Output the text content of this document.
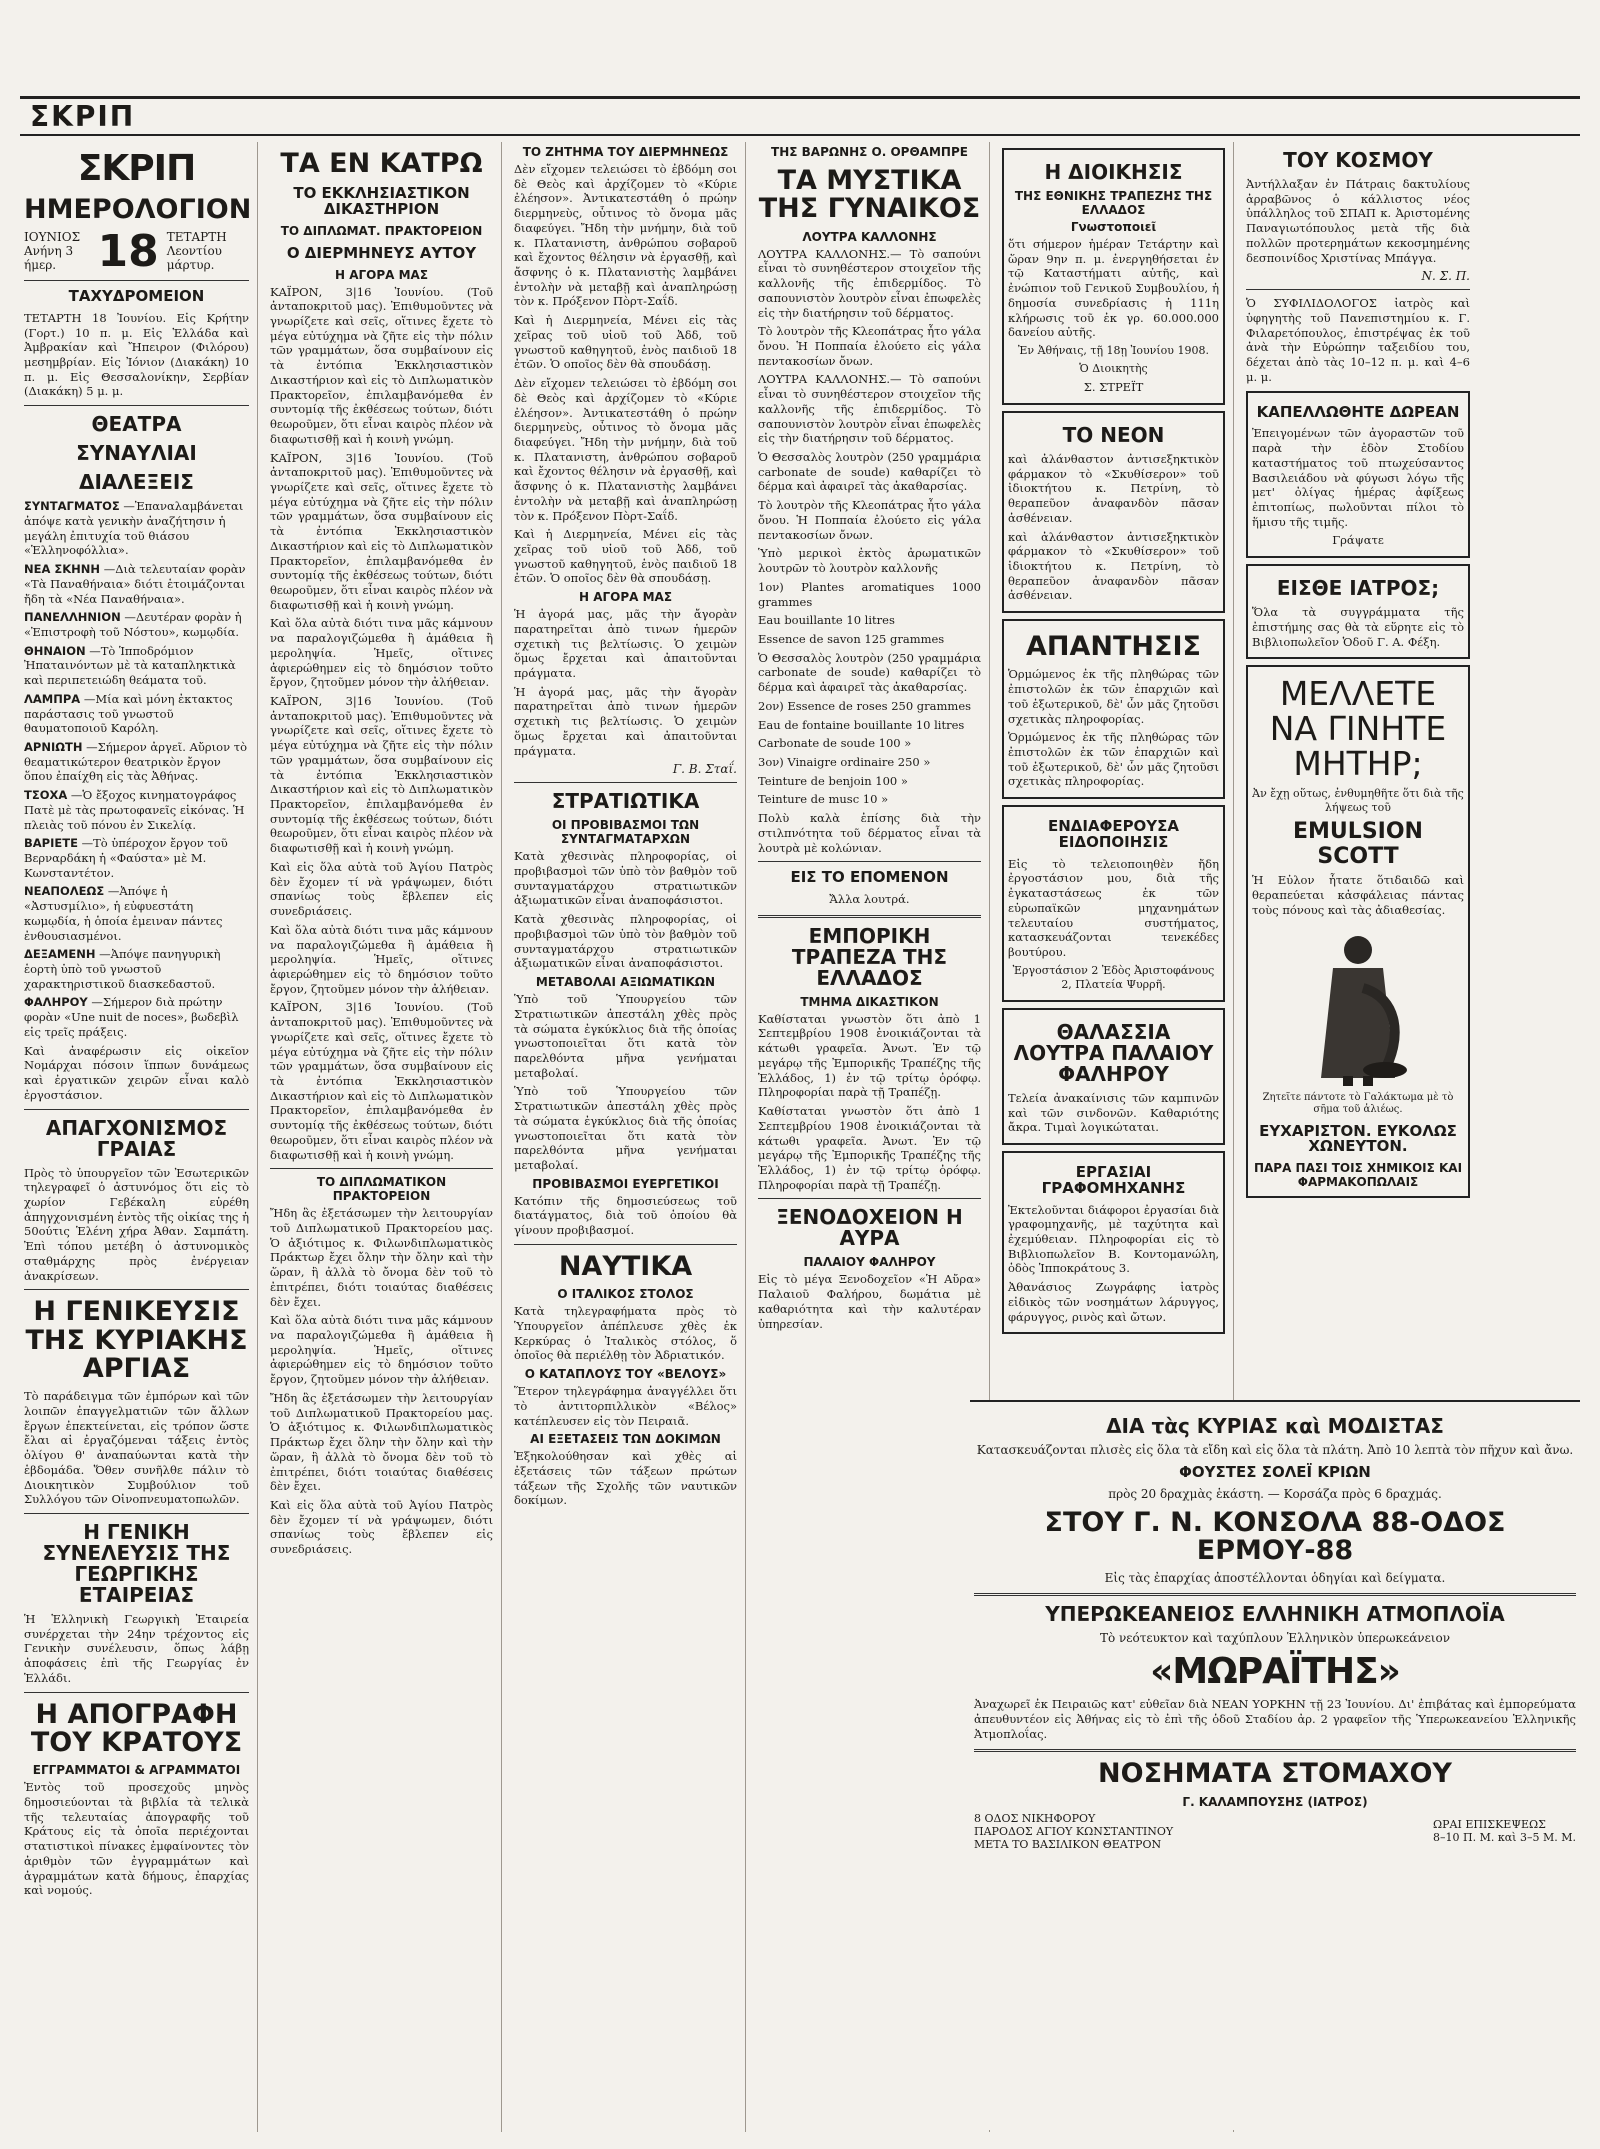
ΣΚΡΙΠ
ΣΚΡΙΠ
ΗΜΕΡΟΛΟΓΙΟΝ
ΙΟΥΝΙΟΣ
Ανήνη 3 ήμερ. 18 ΤΕΤΑΡΤΗ
Λεοντίου μάρτυρ.
ΤΑΧΥΔΡΟΜΕΙΟΝ

ΤΕΤΑΡΤΗ 18 Ἰουνίου. Εἰς Κρήτην (Γορτ.) 10 π. μ. Εἰς Ἑλλάδα καὶ Ἀμβρακίαν καὶ Ἤπειρον (Φιλόρου) μεσημβρίαν. Εἰς Ἰόνιον (Διακάκη) 10 π. μ. Εἰς Θεσσαλονίκην, Σερβίαν (Διακάκη) 5 μ. μ.

ΘΕΑΤΡΑ
ΣΥΝΑΥΛΙΑΙ
ΔΙΑΛΕΞΕΙΣ
ΣΥΝΤΑΓΜΑΤΟΣ —Ἐπαναλαμβάνεται ἀπόψε κατὰ γενικὴν ἀναζήτησιν ἡ μεγάλη ἐπιτυχία τοῦ θιάσου «Ἑλληνοφόλλια».
ΝΕΑ ΣΚΗΝΗ —Διὰ τελευταίαν φορὰν «Τὰ Παναθήναια» διότι ἑτοιμάζονται ἤδη τὰ «Νέα Παναθήναια».
ΠΑΝΕΛΛΗΝΙΟΝ —Δευτέραν φορὰν ἡ «Ἐπιστροφὴ τοῦ Νόστου», κωμῳδία.
ΘΗΝΑΙΟΝ —Τὸ Ἱπποδρόμιον Ἠπαταινόντων μὲ τὰ καταπληκτικὰ καὶ περιπετειώδη θεάματα τοῦ.
ΛΑΜΠΡΑ —Μία καὶ μόνη ἐκτακτος παράστασις τοῦ γνωστοῦ θαυματοποιοῦ Καρόλη.
ΑΡΝΙΩΤΗ —Σήμερον ἀργεῖ. Αὔριον τὸ θεαματικώτερον θεατρικὸν ἔργον ὅπου ἐπαίχθη εἰς τὰς Ἀθήνας.
ΤΣΟΧΑ —Ὁ ἔξοχος κινηματογράφος Πατὲ μὲ τὰς πρωτοφανεῖς εἰκόνας. Ἡ πλειὰς τοῦ πόνου ἐν Σικελίᾳ.
ΒΑΡΙΕΤΕ —Τὸ ὑπέροχον ἔργον τοῦ Βερναρδάκη ἡ «Φαύστα» μὲ Μ. Κωνσταντέτον.
ΝΕΑΠΟΛΕΩΣ —Ἀπόψε ἡ «Ἀστυσμίλιο», ἡ εὐφυεστάτη κωμῳδία, ἡ ὁποία ἐμειναν πάντες ἐνθουσιασμένοι.
ΔΕΞΑΜΕΝΗ —Ἀπόψε πανηγυρικὴ ἑορτὴ ὑπὸ τοῦ γνωστοῦ χαρακτηριστικοῦ διασκεδαστοῦ.
ΦΑΛΗΡΟΥ —Σήμερον διὰ πρώτην φορὰν «Une nuit de noces», βωδεβὶλ εἰς τρεῖς πράξεις.

Καὶ ἀναφέρωσιν εἰς οἰκεῖον Νομάρχαι πόσοιν ἵππων δυνάμεως καὶ ἐργατικῶν χειρῶν εἶναι καλὸ ἐργοστάσιον.

ΑΠΑΓΧΟΝΙΣΜΟΣ ΓΡΑΙΑΣ

Πρὸς τὸ ὑπουργεῖον τῶν Ἐσωτερικῶν τηλεγραφεῖ ὁ ἀστυνόμος ὅτι εἰς τὸ χωρίον Γεβέκαλη εὑρέθη ἀπηγχονισμένη ἐντὸς τῆς οἰκίας της ἡ 50ούτις Ἑλένη χήρα Ἀθαν. Σαμπάτη. Ἐπὶ τόπου μετέβη ὁ ἀστυνομικὸς σταθμάρχης πρὸς ἐνέργειαν ἀνακρίσεων.

Η ΓΕΝΙΚΕΥΣΙΣ ΤΗΣ ΚΥΡΙΑΚΗΣ ΑΡΓΙΑΣ

Τὸ παράδειγμα τῶν ἐμπόρων καὶ τῶν λοιπῶν ἐπαγγελματιῶν τῶν ἄλλων ἔργων ἐπεκτείνεται, εἰς τρόπον ὥστε ἔλαι αἱ ἐργαζόμεναι τάξεις ἐντὸς ὀλίγου θ' ἀναπαύωνται κατὰ τὴν ἑβδομάδα. Ὅθεν συνῆλθε πάλιν τὸ Διοικητικὸν Συμβούλιον τοῦ Συλλόγου τῶν Οἰνοπνευματοπωλῶν.

Η ΓΕΝΙΚΗ ΣΥΝΕΛΕΥΣΙΣ ΤΗΣ ΓΕΩΡΓΙΚΗΣ ΕΤΑΙΡΕΙΑΣ

Ἡ Ἑλληνικὴ Γεωργικὴ Ἑταιρεία συνέρχεται τὴν 24ην τρέχοντος εἰς Γενικὴν συνέλευσιν, ὅπως λάβῃ ἀποφάσεις ἐπὶ τῆς Γεωργίας ἐν Ἑλλάδι.

Η ΑΠΟΓΡΑΦΗ ΤΟΥ ΚΡΑΤΟΥΣ
ΕΓΓΡΑΜΜΑΤΟΙ & ΑΓΡΑΜΜΑΤΟΙ

Ἐντὸς τοῦ προσεχοῦς μηνὸς δημοσιεύονται τὰ βιβλία τὰ τελικὰ τῆς τελευταίας ἀπογραφῆς τοῦ Κράτους εἰς τὰ ὁποῖα περιέχονται στατιστικοὶ πίνακες ἐμφαίνοντες τὸν ἀριθμὸν τῶν ἐγγραμμάτων καὶ ἀγραμμάτων κατὰ δήμους, ἐπαρχίας καὶ νομούς.

ΤΑ ΕΝ ΚΑΤΡΩ
ΤΟ ΕΚΚΛΗΣΙΑΣΤΙΚΟΝ ΔΙΚΑΣΤΗΡΙΟΝ
ΤΟ ΔΙΠΛΩΜΑΤ. ΠΡΑΚΤΟΡΕΙΟΝ
Ο ΔΙΕΡΜΗΝΕΥΣ ΑΥΤΟΥ
Η ΑΓΟΡΑ ΜΑΣ

ΚΑΪΡΟΝ, 3|16 Ἰουνίου. (Τοῦ ἀνταποκριτοῦ μας). Ἐπιθυμοῦντες νὰ γνωρίζετε καὶ σεῖς, οἵτινες ἔχετε τὸ μέγα εὐτύχημα νὰ ζῆτε εἰς τὴν πόλιν τῶν γραμμάτων, ὅσα συμβαίνουν εἰς τὰ ἐντόπια Ἐκκλησιαστικὸν Δικαστήριον καὶ εἰς τὸ Διπλωματικὸν Πρακτορεῖον, ἐπιλαμβανόμεθα ἐν συντομίᾳ τῆς ἐκθέσεως τούτων, διότι θεωροῦμεν, ὅτι εἶναι καιρὸς πλέον νὰ διαφωτισθῇ καὶ ἡ κοινὴ γνώμη.

ΚΑΪΡΟΝ, 3|16 Ἰουνίου. (Τοῦ ἀνταποκριτοῦ μας). Ἐπιθυμοῦντες νὰ γνωρίζετε καὶ σεῖς, οἵτινες ἔχετε τὸ μέγα εὐτύχημα νὰ ζῆτε εἰς τὴν πόλιν τῶν γραμμάτων, ὅσα συμβαίνουν εἰς τὰ ἐντόπια Ἐκκλησιαστικὸν Δικαστήριον καὶ εἰς τὸ Διπλωματικὸν Πρακτορεῖον, ἐπιλαμβανόμεθα ἐν συντομίᾳ τῆς ἐκθέσεως τούτων, διότι θεωροῦμεν, ὅτι εἶναι καιρὸς πλέον νὰ διαφωτισθῇ καὶ ἡ κοινὴ γνώμη.

Καὶ ὅλα αὐτὰ διότι τινα μᾶς κάμνουν να παραλογιζώμεθα ἢ ἀμάθεια ἢ μεροληψία. Ἡμεῖς, οἵτινες ἀφιερώθημεν εἰς τὸ δημόσιον τοῦτο ἔργον, ζητοῦμεν μόνον τὴν ἀλήθειαν.

ΚΑΪΡΟΝ, 3|16 Ἰουνίου. (Τοῦ ἀνταποκριτοῦ μας). Ἐπιθυμοῦντες νὰ γνωρίζετε καὶ σεῖς, οἵτινες ἔχετε τὸ μέγα εὐτύχημα νὰ ζῆτε εἰς τὴν πόλιν τῶν γραμμάτων, ὅσα συμβαίνουν εἰς τὰ ἐντόπια Ἐκκλησιαστικὸν Δικαστήριον καὶ εἰς τὸ Διπλωματικὸν Πρακτορεῖον, ἐπιλαμβανόμεθα ἐν συντομίᾳ τῆς ἐκθέσεως τούτων, διότι θεωροῦμεν, ὅτι εἶναι καιρὸς πλέον νὰ διαφωτισθῇ καὶ ἡ κοινὴ γνώμη.

Καὶ εἰς ὅλα αὐτὰ τοῦ Ἀγίου Πατρὸς δὲν ἔχομεν τί νὰ γράψωμεν, διότι σπανίως τοὺς ἔβλεπεν εἰς συνεδριάσεις.

Καὶ ὅλα αὐτὰ διότι τινα μᾶς κάμνουν να παραλογιζώμεθα ἢ ἀμάθεια ἢ μεροληψία. Ἡμεῖς, οἵτινες ἀφιερώθημεν εἰς τὸ δημόσιον τοῦτο ἔργον, ζητοῦμεν μόνον τὴν ἀλήθειαν.

ΚΑΪΡΟΝ, 3|16 Ἰουνίου. (Τοῦ ἀνταποκριτοῦ μας). Ἐπιθυμοῦντες νὰ γνωρίζετε καὶ σεῖς, οἵτινες ἔχετε τὸ μέγα εὐτύχημα νὰ ζῆτε εἰς τὴν πόλιν τῶν γραμμάτων, ὅσα συμβαίνουν εἰς τὰ ἐντόπια Ἐκκλησιαστικὸν Δικαστήριον καὶ εἰς τὸ Διπλωματικὸν Πρακτορεῖον, ἐπιλαμβανόμεθα ἐν συντομίᾳ τῆς ἐκθέσεως τούτων, διότι θεωροῦμεν, ὅτι εἶναι καιρὸς πλέον νὰ διαφωτισθῇ καὶ ἡ κοινὴ γνώμη.

ΤΟ ΔΙΠΛΩΜΑΤΙΚΟΝ ΠΡΑΚΤΟΡΕΙΟΝ

Ἤδη ἃς ἐξετάσωμεν τὴν λειτουργίαν τοῦ Διπλωματικοῦ Πρακτορείου μας. Ὁ ἀξιότιμος κ. Φιλωνδιπλωματικὸς Πράκτωρ ἔχει ὄλην τὴν ὄλην καὶ τὴν ὥραν, ἣ ἀλλὰ τὸ ὄνομα δὲν τοῦ τὸ ἐπιτρέπει, διότι τοιαύτας διαθέσεις δὲν ἔχει.

Καὶ ὅλα αὐτὰ διότι τινα μᾶς κάμνουν να παραλογιζώμεθα ἢ ἀμάθεια ἢ μεροληψία. Ἡμεῖς, οἵτινες ἀφιερώθημεν εἰς τὸ δημόσιον τοῦτο ἔργον, ζητοῦμεν μόνον τὴν ἀλήθειαν.

Ἤδη ἃς ἐξετάσωμεν τὴν λειτουργίαν τοῦ Διπλωματικοῦ Πρακτορείου μας. Ὁ ἀξιότιμος κ. Φιλωνδιπλωματικὸς Πράκτωρ ἔχει ὄλην τὴν ὄλην καὶ τὴν ὥραν, ἣ ἀλλὰ τὸ ὄνομα δὲν τοῦ τὸ ἐπιτρέπει, διότι τοιαύτας διαθέσεις δὲν ἔχει.

Καὶ εἰς ὅλα αὐτὰ τοῦ Ἀγίου Πατρὸς δὲν ἔχομεν τί νὰ γράψωμεν, διότι σπανίως τοὺς ἔβλεπεν εἰς συνεδριάσεις.

ΤΟ ΖΗΤΗΜΑ ΤΟΥ ΔΙΕΡΜΗΝΕΩΣ

Δὲν εἴχομεν τελειώσει τὸ ἐβδόμη σοι δὲ Θεὸς καὶ ἀρχίζομεν τὸ «Κύριε ἐλέησον». Ἀντικατεστάθη ὁ πρώην διερμηνεὺς, οὗτινος τὸ ὄνομα μᾶς διαφεύγει. Ἤδη τὴν μνήμην, διὰ τοῦ κ. Πλατανιστη, ἀνθρώπου σοβαροῦ καὶ ἔχοντος θέλησιν νὰ ἐργασθῇ, καὶ ἄσφνης ὁ κ. Πλατανιστὴς λαμβάνει ἐντολὴν νὰ μεταβῇ καὶ ἀναπληρώσῃ τὸν κ. Πρόξενον Πὸρτ-Σαΐδ.

Καὶ ἡ Διερμηνεία, Μένει εἰς τὰς χεῖρας τοῦ υἱοῦ τοῦ Ἀδδ, τοῦ γνωστοῦ καθηγητοῦ, ἑνὸς παιδιοῦ 18 ἐτῶν. Ὁ οποῖος δὲν θὰ σπουδάσῃ.

Δὲν εἴχομεν τελειώσει τὸ ἐβδόμη σοι δὲ Θεὸς καὶ ἀρχίζομεν τὸ «Κύριε ἐλέησον». Ἀντικατεστάθη ὁ πρώην διερμηνεὺς, οὗτινος τὸ ὄνομα μᾶς διαφεύγει. Ἤδη τὴν μνήμην, διὰ τοῦ κ. Πλατανιστη, ἀνθρώπου σοβαροῦ καὶ ἔχοντος θέλησιν νὰ ἐργασθῇ, καὶ ἄσφνης ὁ κ. Πλατανιστὴς λαμβάνει ἐντολὴν νὰ μεταβῇ καὶ ἀναπληρώσῃ τὸν κ. Πρόξενον Πὸρτ-Σαΐδ.

Καὶ ἡ Διερμηνεία, Μένει εἰς τὰς χεῖρας τοῦ υἱοῦ τοῦ Ἀδδ, τοῦ γνωστοῦ καθηγητοῦ, ἑνὸς παιδιοῦ 18 ἐτῶν. Ὁ οποῖος δὲν θὰ σπουδάσῃ.

Η ΑΓΟΡΑ ΜΑΣ

Ἡ ἀγορά μας, μᾶς τὴν ἄγορὰν παρατηρεῖται ἀπὸ τινων ἡμερῶν σχετικὴ τις βελτίωσις. Ὁ χειμὼν ὅμως ἔρχεται καὶ ἀπαιτοῦνται πράγματα.

Ἡ ἀγορά μας, μᾶς τὴν ἄγορὰν παρατηρεῖται ἀπὸ τινων ἡμερῶν σχετικὴ τις βελτίωσις. Ὁ χειμὼν ὅμως ἔρχεται καὶ ἀπαιτοῦνται πράγματα.

Γ. Β. Σταΐ.
ΣΤΡΑΤΙΩΤΙΚΑ
ΟΙ ΠΡΟΒΙΒΑΣΜΟΙ ΤΩΝ ΣΥΝΤΑΓΜΑΤΑΡΧΩΝ

Κατὰ χθεσινὰς πληροφορίας, οἱ προβιβασμοὶ τῶν ὑπὸ τὸν βαθμὸν τοῦ συνταγματάρχου στρατιωτικῶν ἀξιωματικῶν εἶναι ἀναποφάσιστοι.

Κατὰ χθεσινὰς πληροφορίας, οἱ προβιβασμοὶ τῶν ὑπὸ τὸν βαθμὸν τοῦ συνταγματάρχου στρατιωτικῶν ἀξιωματικῶν εἶναι ἀναποφάσιστοι.

ΜΕΤΑΒΟΛΑΙ ΑΞΙΩΜΑΤΙΚΩΝ

Ὑπὸ τοῦ Ὑπουργείου τῶν Στρατιωτικῶν ἀπεστάλη χθὲς πρὸς τὰ σώματα ἐγκύκλιος διὰ τῆς ὁποίας γνωστοποιεῖται ὅτι κατὰ τὸν παρελθόντα μῆνα γενήμαται μεταβολαί.

Ὑπὸ τοῦ Ὑπουργείου τῶν Στρατιωτικῶν ἀπεστάλη χθὲς πρὸς τὰ σώματα ἐγκύκλιος διὰ τῆς ὁποίας γνωστοποιεῖται ὅτι κατὰ τὸν παρελθόντα μῆνα γενήμαται μεταβολαί.

ΠΡΟΒΙΒΑΣΜΟΙ ΕΥΕΡΓΕΤΙΚΟΙ

Κατόπιν τῆς δημοσιεύσεως τοῦ διατάγματος, διὰ τοῦ ὁποίου θὰ γίνουν προβιβασμοί.

ΝΑΥΤΙΚΑ
Ο ΙΤΑΛΙΚΟΣ ΣΤΟΛΟΣ

Κατὰ τηλεγραφήματα πρὸς τὸ Ὑπουργεῖον ἀπέπλευσε χθὲς ἐκ Κερκύρας ὁ Ἰταλικὸς στόλος, ὅ ὁποῖος θὰ περιέλθῃ τὸν Ἀδριατικόν.

Ο ΚΑΤΑΠΛΟΥΣ ΤΟΥ «ΒΕΛΟΥΣ»

Ἕτερον τηλεγράφημα ἀναγγέλλει ὅτι τὸ ἀντιτορπιλλικὸν «Βέλος» κατέπλευσεν εἰς τὸν Πειραιᾶ.

ΑΙ ΕΞΕΤΑΣΕΙΣ ΤΩΝ ΔΟΚΙΜΩΝ

Ἐξηκολούθησαν καὶ χθὲς αἱ ἐξετάσεις τῶν τάξεων πρώτων τάξεων τῆς Σχολῆς τῶν ναυτικῶν δοκίμων.

ΤΗΣ ΒΑΡΩΝΗΣ Ο. ΟΡΘΑΜΠΡΕ
ΤΑ ΜΥΣΤΙΚΑ ΤΗΣ ΓΥΝΑΙΚΟΣ
ΛΟΥΤΡΑ ΚΑΛΛΟΝΗΣ

ΛΟΥΤΡΑ ΚΑΛΛΟΝΗΣ.— Τὸ σαπούνι εἶναι τὸ συνηθέστερον στοιχεῖον τῆς καλλονῆς τῆς ἐπιδερμίδος. Τὸ σαπουνιστὸν λουτρὸν εἶναι ἐπωφελὲς εἰς τὴν διατήρησιν τοῦ δέρματος.

Τὸ λουτρὸν τῆς Κλεοπάτρας ἦτο γάλα ὄνου. Ἡ Ποππαία ἐλούετο εἰς γάλα πεντακοσίων ὄνων.

ΛΟΥΤΡΑ ΚΑΛΛΟΝΗΣ.— Τὸ σαπούνι εἶναι τὸ συνηθέστερον στοιχεῖον τῆς καλλονῆς τῆς ἐπιδερμίδος. Τὸ σαπουνιστὸν λουτρὸν εἶναι ἐπωφελὲς εἰς τὴν διατήρησιν τοῦ δέρματος.

Ὁ Θεσσαλὸς λουτρὸν (250 γραμμάρια carbonate de soude) καθαρίζει τὸ δέρμα καὶ ἀφαιρεῖ τὰς ἀκαθαρσίας.

Τὸ λουτρὸν τῆς Κλεοπάτρας ἦτο γάλα ὄνου. Ἡ Ποππαία ἐλούετο εἰς γάλα πεντακοσίων ὄνων.

Ὑπὸ μερικοὶ ἐκτὸς ἀρωματικῶν λουτρῶν τὸ λουτρὸν καλλονῆς

1ον) Plantes aromatiques 1000 grammes

Eau bouillante 10 litres

Essence de savon 125 grammes

Ὁ Θεσσαλὸς λουτρὸν (250 γραμμάρια carbonate de soude) καθαρίζει τὸ δέρμα καὶ ἀφαιρεῖ τὰς ἀκαθαρσίας.

2ον) Essence de roses 250 grammes

Eau de fontaine bouillante 10 litres

Carbonate de soude 100 »

3ον) Vinaigre ordinaire 250 »

Teinture de benjoin 100 »

Teinture de musc 10 »

Πολὺ καλὰ ἐπίσης διὰ τὴν στιλπνότητα τοῦ δέρματος εἶναι τὰ λουτρὰ μὲ κολώνιαν.

ΕΙΣ ΤΟ ΕΠΟΜΕΝΟΝ

Ἄλλα λουτρά.

ΕΜΠΟΡΙΚΗ ΤΡΑΠΕΖΑ ΤΗΣ ΕΛΛΑΔΟΣ
ΤΜΗΜΑ ΔΙΚΑΣΤΙΚΟΝ

Καθίσταται γνωστὸν ὅτι ἀπὸ 1 Σεπτεμβρίου 1908 ἐνοικιάζονται τὰ κάτωθι γραφεῖα. Ἀνωτ. Ἐν τῷ μεγάρῳ τῆς Ἐμπορικῆς Τραπέζης τῆς Ἑλλάδος, 1) ἐν τῷ τρίτῳ ὀρόφῳ. Πληροφορίαι παρὰ τῇ Τραπέζῃ.

Καθίσταται γνωστὸν ὅτι ἀπὸ 1 Σεπτεμβρίου 1908 ἐνοικιάζονται τὰ κάτωθι γραφεῖα. Ἀνωτ. Ἐν τῷ μεγάρῳ τῆς Ἐμπορικῆς Τραπέζης τῆς Ἑλλάδος, 1) ἐν τῷ τρίτῳ ὀρόφῳ. Πληροφορίαι παρὰ τῇ Τραπέζῃ.

ΞΕΝΟΔΟΧΕΙΟΝ Η ΑΥΡΑ
ΠΑΛΑΙΟΥ ΦΑΛΗΡΟΥ

Εἰς τὸ μέγα Ξενοδοχεῖον «Ἡ Αὔρα» Παλαιοῦ Φαλήρου, δωμάτια μὲ καθαριότητα καὶ τὴν καλυτέραν ὑπηρεσίαν.

Η ΔΙΟΙΚΗΣΙΣ
ΤΗΣ ΕΘΝΙΚΗΣ ΤΡΑΠΕΖΗΣ ΤΗΣ ΕΛΛΑΔΟΣ
Γνωστοποιεῖ

ὅτι σήμερον ἡμέραν Τετάρτην καὶ ὥραν 9ην π. μ. ἐνεργηθήσεται ἐν τῷ Καταστήματι αὐτῆς, καὶ ἐνώπιον τοῦ Γενικοῦ Συμβουλίου, ἡ δημοσία συνεδρίασις ἡ 111η κλήρωσις τοῦ ἐκ γρ. 60.000.000 δανείου αὐτῆς.

Ἐν Ἀθήναις, τῇ 18ῃ Ἰουνίου 1908.

Ὁ Διοικητὴς

Σ. ΣΤΡΕΪΤ

ΤΟ ΝΕΟΝ

καὶ ἀλάνθαστον ἀντισεξηκτικὸν φάρμακον τὸ «Σκυθίσερον» τοῦ ἰδιοκτήτου κ. Πετρίνη, τὸ θεραπεῦον ἀναφανδὸν πᾶσαν ἀσθένειαν.

καὶ ἀλάνθαστον ἀντισεξηκτικὸν φάρμακον τὸ «Σκυθίσερον» τοῦ ἰδιοκτήτου κ. Πετρίνη, τὸ θεραπεῦον ἀναφανδὸν πᾶσαν ἀσθένειαν.

ΑΠΑΝΤΗΣΙΣ

Ὁρμώμενος ἐκ τῆς πληθώρας τῶν ἐπιστολῶν ἐκ τῶν ἐπαρχιῶν καὶ τοῦ ἐξωτερικοῦ, δὲ' ὧν μᾶς ζητοῦσι σχετικὰς πληροφορίας.

Ὁρμώμενος ἐκ τῆς πληθώρας τῶν ἐπιστολῶν ἐκ τῶν ἐπαρχιῶν καὶ τοῦ ἐξωτερικοῦ, δὲ' ὧν μᾶς ζητοῦσι σχετικὰς πληροφορίας.

ΕΝΔΙΑΦΕΡΟΥΣΑ ΕΙΔΟΠΟΙΗΣΙΣ

Εἰς τὸ τελειοποιηθὲν ἤδη ἐργοστάσιον μου, διὰ τῆς ἐγκαταστάσεως ἐκ τῶν εὐρωπαϊκῶν μηχανημάτων τελευταίου συστήματος, κατασκευάζονται τενεκέδες βουτύρου.

Ἐργοστάσιον 2 Ἐδὸς Ἀριστοφάνους 2, Πλατεία Ψυρρῆ.

ΘΑΛΑΣΣΙΑ ΛΟΥΤΡΑ ΠΑΛΑΙΟΥ ΦΑΛΗΡΟΥ

Τελεία ἀνακαίνισις τῶν καμπινῶν καὶ τῶν σινδονῶν. Καθαριότης ἄκρα. Τιμαὶ λογικώταται.

ΕΡΓΑΣΙΑΙ ΓΡΑΦΟΜΗΧΑΝΗΣ

Ἐκτελοῦνται διάφοροι ἐργασίαι διὰ γραφομηχανῆς, μὲ ταχύτητα καὶ ἐχεμύθειαν. Πληροφορίαι εἰς τὸ Βιβλιοπωλεῖον Β. Κοντομανώλη, ὁδὸς Ἱπποκράτους 3.

Ἀθανάσιος Ζωγράφης ἰατρὸς εἰδικὸς τῶν νοσημάτων λάρυγγος, φάρυγγος, ρινὸς καὶ ὤτων.

ΤΟΥ ΚΟΣΜΟΥ

Ἀντήλλαξαν ἐν Πάτραις δακτυλίους ἀρραβῶνος ὁ κάλλιστος νέος ὑπάλληλος τοῦ ΣΠΑΠ κ. Ἀριστομένης Παναγιωτόπουλος μετὰ τῆς διὰ πολλῶν προτερημάτων κεκοσμημένης δεσποινίδος Χριστίνας Μπάγγα.

Ν. Σ. Π.

Ὁ ΣΥΦΙΛΙΔΟΛΟΓΟΣ ἰατρὸς καὶ ὑφηγητὴς τοῦ Πανεπιστημίου κ. Γ. Φιλαρετόπουλος, ἐπιστρέψας ἐκ τοῦ ἀνὰ τὴν Εὐρώπην ταξειδίου του, δέχεται ἀπὸ τὰς 10–12 π. μ. καὶ 4–6 μ. μ.

ΚΑΠΕΛΛΩΘΗΤΕ ΔΩΡΕΑΝ

Ἐπειγομένων τῶν ἀγοραστῶν τοῦ παρὰ τὴν ἐδὸν Στοδίου καταστήματος τοῦ πτωχεύσαντος Βασιλειάδου νὰ φύγωσι λόγω τῆς μετ' ὀλίγας ἡμέρας ἀφίξεως ἐπιτοπίως, πωλοῦνται πίλοι τὸ ἥμισυ τῆς τιμῆς.

Γράψατε

ΕΙΣΘΕ ΙΑΤΡΟΣ;

Ὅλα τὰ συγγράμματα τῆς ἐπιστήμης σας θὰ τὰ εὕρητε εἰς τὸ Βιβλιοπωλεῖον Ὁδοῦ Γ. Α. Φέξη.

ΜΕΛΛΕΤΕ ΝΑ ΓΙΝΗΤΕ ΜΗΤΗΡ;

Ἀν ἔχῃ οὕτως, ἐνθυμηθῆτε ὅτι διὰ τῆς λήψεως τοῦ

EMULSION SCOTT

Ἡ Εὐλον ἦτατε ὅτιδαιδῶ καὶ θεραπεύεται κἀσφάλειας πάντας τοὺς πόνους καὶ τὰς ἀδιαθεσίας.

Ζητεῖτε πάντοτε τὸ Γαλάκτωμα μὲ τὸ σῆμα τοῦ ἁλιέως.
ΕΥΧΑΡΙΣΤΟΝ. ΕΥΚΟΛΩΣ ΧΩΝΕΥΤΟΝ.
ΠΑΡΑ ΠΑΣΙ ΤΟΙΣ ΧΗΜΙΚΟΙΣ ΚΑΙ ΦΑΡΜΑΚΟΠΩΛΑΙΣ
ΔΙΑ τὰς ΚΥΡΙΑΣ καὶ ΜΟΔΙΣΤΑΣ
Κατασκευάζονται πλισὲς εἰς ὅλα τὰ εἴδη καὶ εἰς ὅλα τὰ πλάτη. Ἀπὸ 10 λεπτὰ τὸν πῆχυν καὶ ἄνω.
ΦΟΥΣΤΕΣ ΣΟΛΕΪ ΚΡΙΩΝ
πρὸς 20 δραχμὰς ἑκάστη. — Κορσάζα πρὸς 6 δραχμάς.
ΣΤΟΥ Γ. Ν. ΚΟΝΣΟΛΑ 88-ΟΔΟΣ ΕΡΜΟΥ-88
Εἰς τὰς ἐπαρχίας ἀποστέλλονται ὁδηγίαι καὶ δείγματα.
ΥΠΕΡΩΚΕΑΝΕΙΟΣ ΕΛΛΗΝΙΚΗ ΑΤΜΟΠΛΟΪΑ
Τὸ νεότευκτον καὶ ταχύπλουν Ἑλληνικὸν ὑπερωκεάνειον
«ΜΩΡΑΪΤΗΣ»

Ἀναχωρεῖ ἐκ Πειραιῶς κατ' εὐθεῖαν διὰ ΝΕΑΝ ΥΟΡΚΗΝ τῇ 23 Ἰουνίου. Δι' ἐπιβάτας καὶ ἐμπορεύματα ἀπευθυντέον εἰς Ἀθήνας εἰς τὸ ἐπὶ τῆς ὁδοῦ Σταδίου ἀρ. 2 γραφεῖον τῆς Ὑπερωκεανείου Ἑλληνικῆς Ἀτμοπλοΐας.

ΝΟΣΗΜΑΤΑ ΣΤΟΜΑΧΟΥ
Γ. ΚΑΛΑΜΠΟΥΣΗΣ (ΙΑΤΡΟΣ)
8 ΟΔΟΣ ΝΙΚΗΦΟΡΟΥ
ΠΑΡΟΔΟΣ ΑΓΙΟΥ ΚΩΝΣΤΑΝΤΙΝΟΥ
ΜΕΤΑ ΤΟ ΒΑΣΙΛΙΚΟΝ ΘΕΑΤΡΟΝ
ΩΡΑΙ ΕΠΙΣΚΕΨΕΩΣ
8–10 Π. Μ. καὶ 3–5 Μ. Μ.
